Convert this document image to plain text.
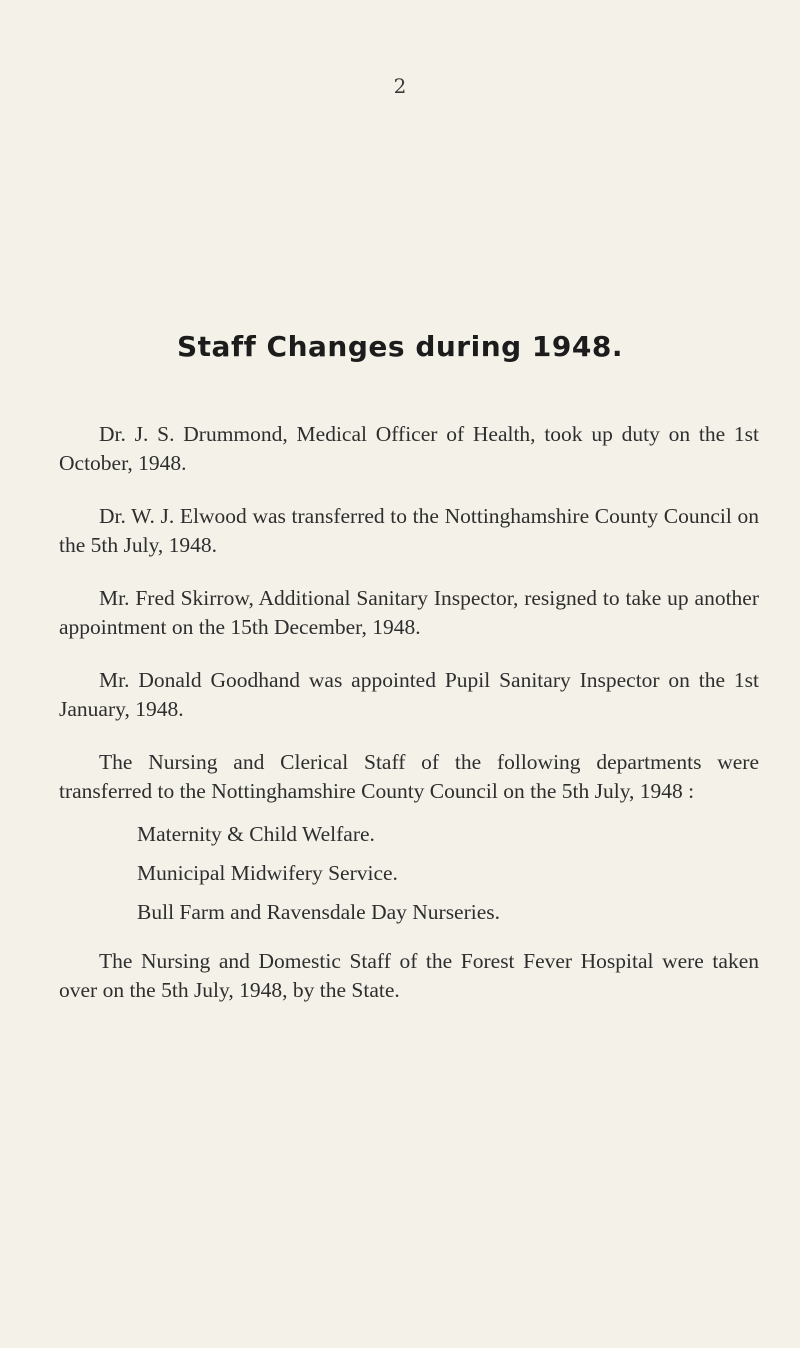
2
Staff Changes during 1948.

Dr. J. S. Drummond, Medical Officer of Health, took up duty on the 1st October, 1948.

Dr. W. J. Elwood was transferred to the Nottinghamshire County Council on the 5th July, 1948.

Mr. Fred Skirrow, Additional Sanitary Inspector, resigned to take up another appointment on the 15th December, 1948.

Mr. Donald Goodhand was appointed Pupil Sanitary Inspector on the 1st January, 1948.

The Nursing and Clerical Staff of the following departments were transferred to the Nottinghamshire County Council on the 5th July, 1948 :

Maternity & Child Welfare.
Municipal Midwifery Service.
Bull Farm and Ravensdale Day Nurseries.

The Nursing and Domestic Staff of the Forest Fever Hospital were taken over on the 5th July, 1948, by the State.
